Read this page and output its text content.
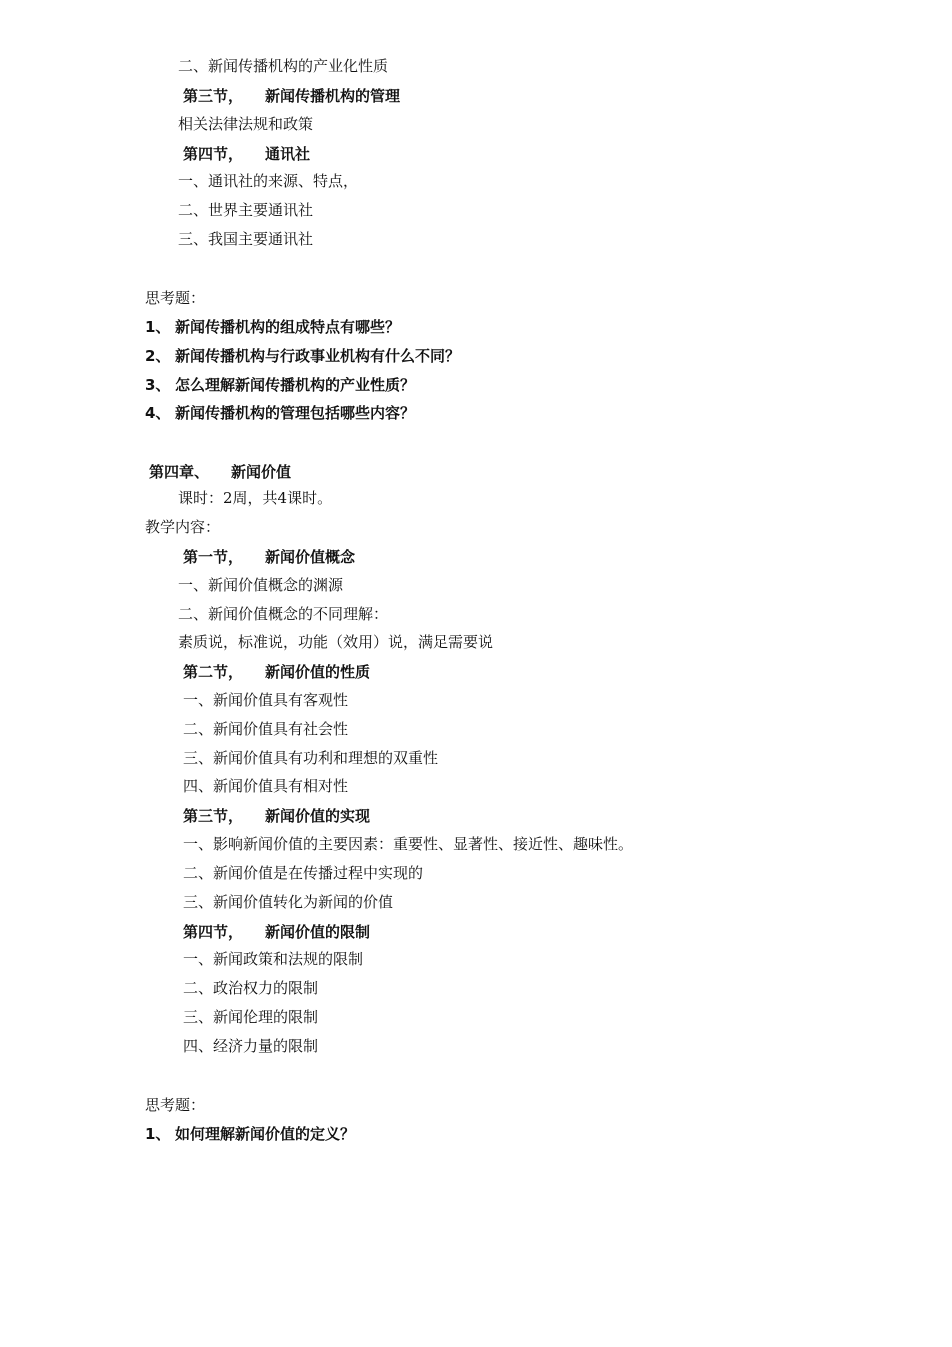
二、新闻传播机构的产业化性质
第三节， 新闻传播机构的管理
相关法律法规和政策
第四节， 通讯社
一、通讯社的来源、特点，
二、世界主要通讯社
三、我国主要通讯社
思考题：
1、 新闻传播机构的组成特点有哪些？
2、 新闻传播机构与行政事业机构有什么不同？
3、 怎么理解新闻传播机构的产业性质？
4、 新闻传播机构的管理包括哪些内容？
第四章、 新闻价值
课时：2周，共4课时。
教学内容：
第一节， 新闻价值概念
一、新闻价值概念的渊源
二、新闻价值概念的不同理解：
素质说，标准说，功能（效用）说，满足需要说
第二节， 新闻价值的性质
一、新闻价值具有客观性
二、新闻价值具有社会性
三、新闻价值具有功利和理想的双重性
四、新闻价值具有相对性
第三节， 新闻价值的实现
一、影响新闻价值的主要因素：重要性、显著性、接近性、趣味性。
二、新闻价值是在传播过程中实现的
三、新闻价值转化为新闻的价值
第四节， 新闻价值的限制
一、新闻政策和法规的限制
二、政治权力的限制
三、新闻伦理的限制
四、经济力量的限制
思考题：
1、 如何理解新闻价值的定义？
